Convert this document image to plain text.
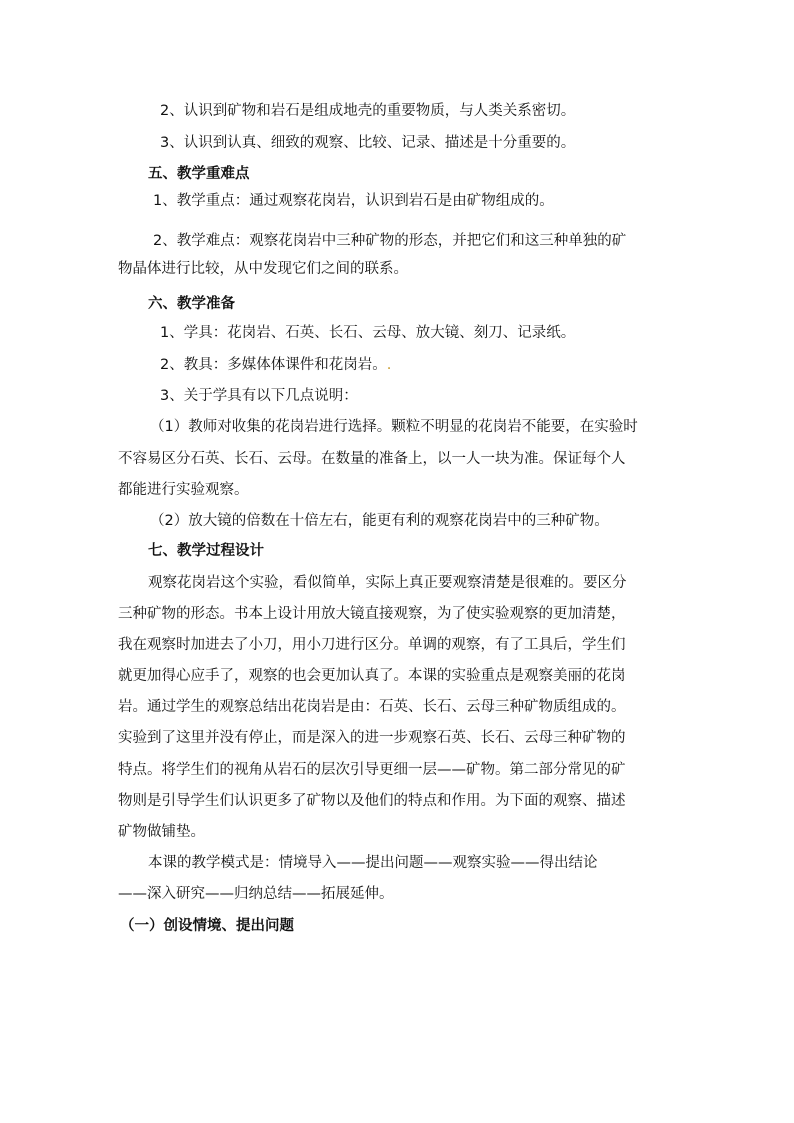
2、认识到矿物和岩石是组成地壳的重要物质，与人类关系密切。
3、认识到认真、细致的观察、比较、记录、描述是十分重要的。
五、教学重难点
1、教学重点：通过观察花岗岩，认识到岩石是由矿物组成的。
2、教学难点：观察花岗岩中三种矿物的形态，并把它们和这三种单独的矿
物晶体进行比较，从中发现它们之间的联系。
六、教学准备
1、学具：花岗岩、石英、长石、云母、放大镜、刻刀、记录纸。
2、教具：多媒体体课件和花岗岩。.
3、关于学具有以下几点说明：
（1）教师对收集的花岗岩进行选择。颗粒不明显的花岗岩不能要，在实验时
不容易区分石英、长石、云母。在数量的准备上，以一人一块为准。保证每个人
都能进行实验观察。
（2）放大镜的倍数在十倍左右，能更有利的观察花岗岩中的三种矿物。
七、教学过程设计
观察花岗岩这个实验，看似简单，实际上真正要观察清楚是很难的。要区分
三种矿物的形态。书本上设计用放大镜直接观察，为了使实验观察的更加清楚，
我在观察时加进去了小刀，用小刀进行区分。单调的观察，有了工具后，学生们
就更加得心应手了，观察的也会更加认真了。本课的实验重点是观察美丽的花岗
岩。通过学生的观察总结出花岗岩是由：石英、长石、云母三种矿物质组成的。
实验到了这里并没有停止，而是深入的进一步观察石英、长石、云母三种矿物的
特点。将学生们的视角从岩石的层次引导更细一层——矿物。第二部分常见的矿
物则是引导学生们认识更多了矿物以及他们的特点和作用。为下面的观察、描述
矿物做铺垫。
本课的教学模式是：情境导入——提出问题——观察实验——得出结论
——深入研究——归纳总结——拓展延伸。
（一）创设情境、提出问题
